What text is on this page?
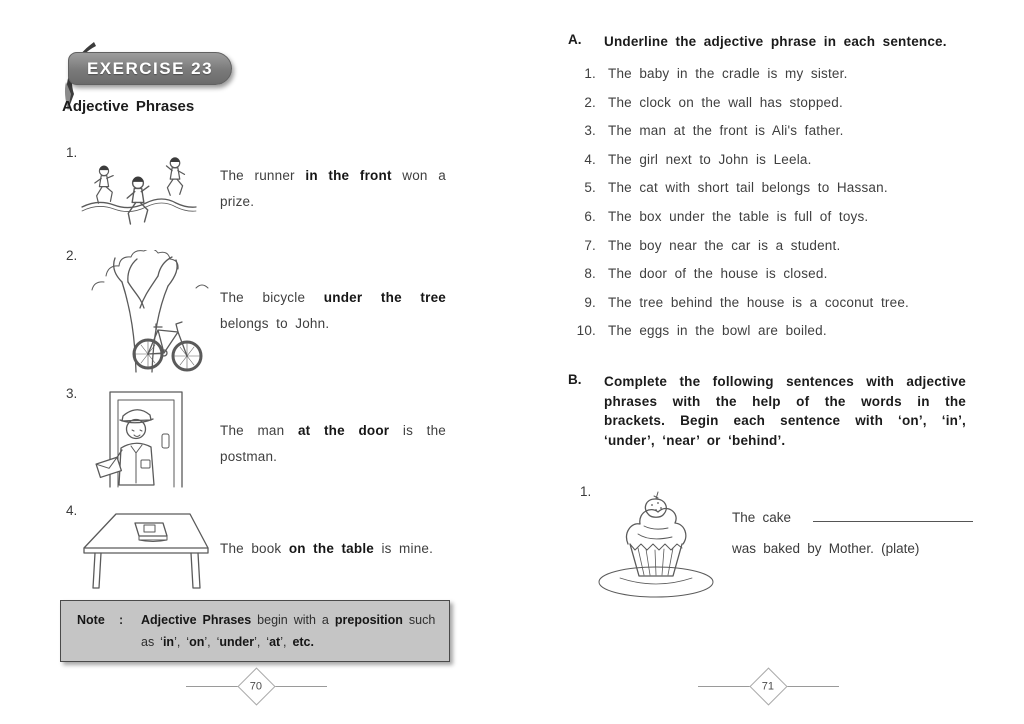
EXERCISE 23
Adjective Phrases
1.

The runner in the front won a prize.

2.

The bicycle under the tree belongs to John.

3.

The man at the door is the postman.

4.

The book on the table is mine.

Note	:	Adjective Phrases begin with a preposition such as ‘in’, ‘on’, ‘under’, ‘at’, etc.

70
A.	Underline the adjective phrase in each sentence.

1. The baby in the cradle is my sister.
2. The clock on the wall has stopped.
3. The man at the front is Ali's father.
4. The girl next to John is Leela.
5. The cat with short tail belongs to Hassan.
6. The box under the table is full of toys.
7. The boy near the car is a student.
8. The door of the house is closed.
9. The tree behind the house is a coconut tree.
10. The eggs in the bowl are boiled.
B.	Complete the following sentences with adjective phrases with the help of the words in the brackets. Begin each sentence with ‘on’, ‘in’, ‘under’, ‘near’ or ‘behind’.

1.

The cake

was baked by Mother. (plate)

71
